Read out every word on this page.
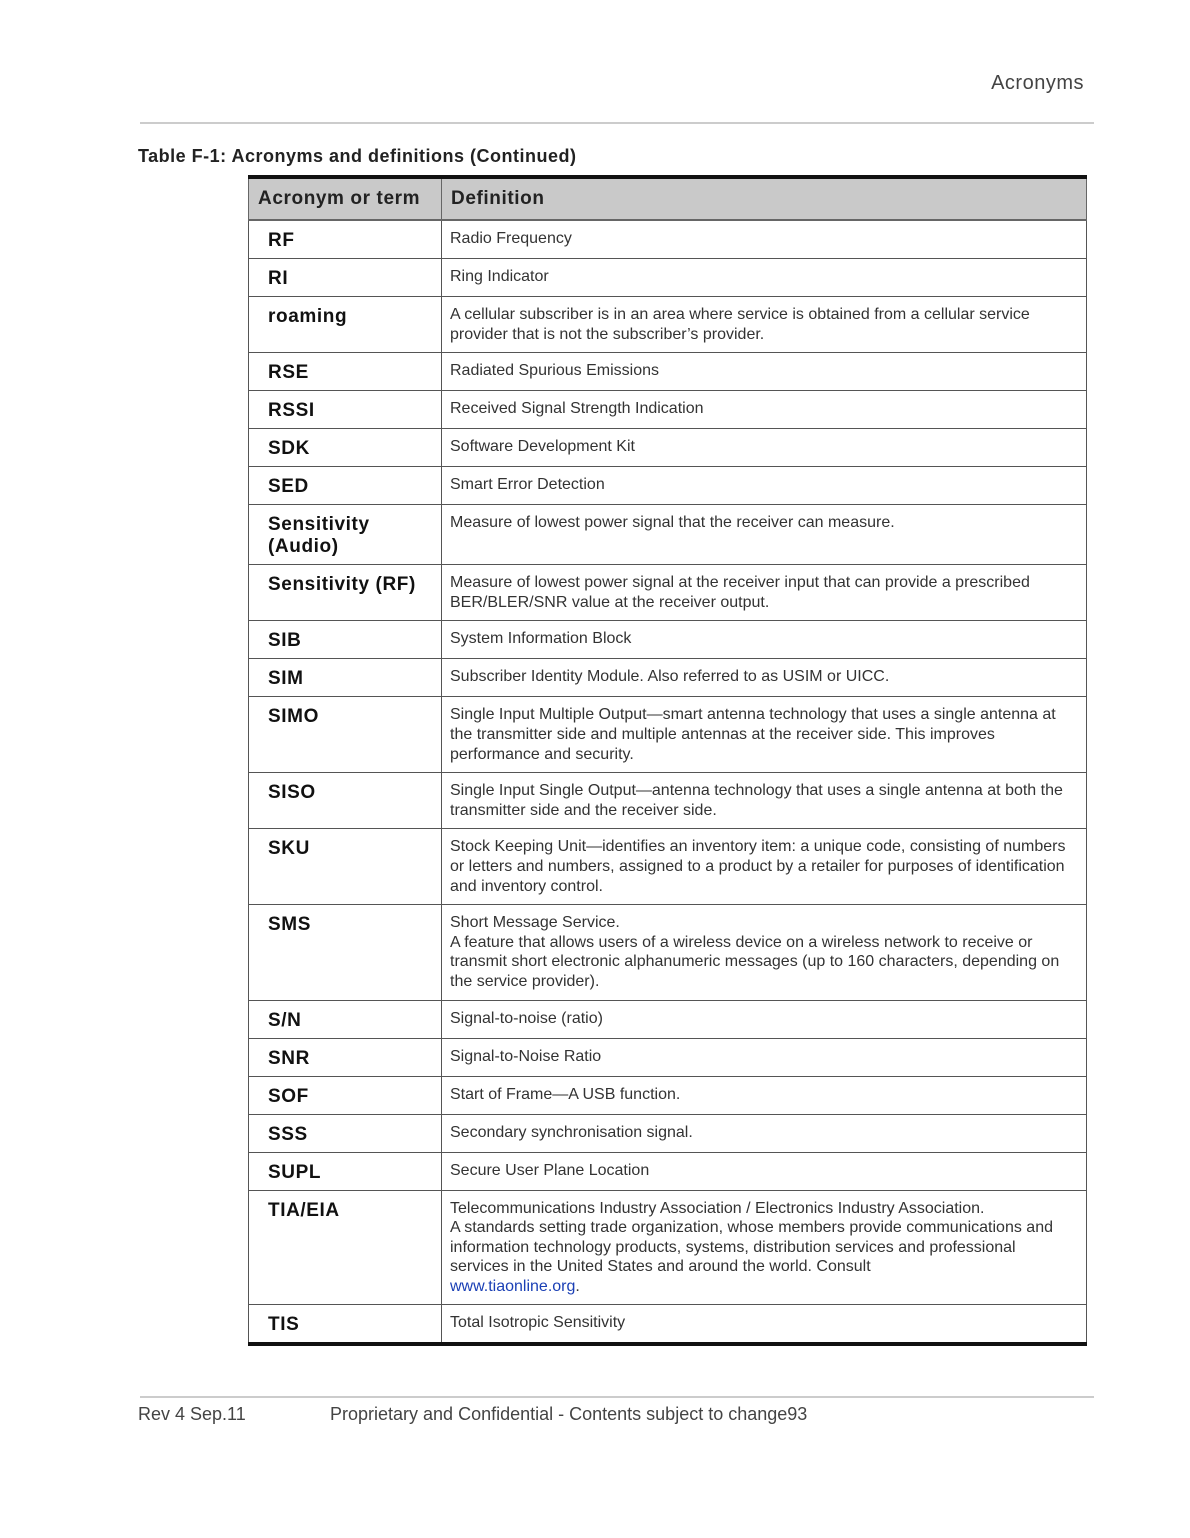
Acronyms
Table F-1: Acronyms and definitions (Continued)
Acronym or term	Definition
RF	Radio Frequency

RI	Ring Indicator

roaming	A cellular subscriber is in an area where service is obtained from a cellular service provider that is not the subscriber’s provider.

RSE	Radiated Spurious Emissions

RSSI	Received Signal Strength Indication

SDK	Software Development Kit

SED	Smart Error Detection

Sensitivity (Audio)	Measure of lowest power signal that the receiver can measure.

Sensitivity (RF)	Measure of lowest power signal at the receiver input that can provide a prescribed BER/BLER/SNR value at the receiver output.

SIB	System Information Block

SIM	Subscriber Identity Module. Also referred to as USIM or UICC.

SIMO	Single Input Multiple Output—smart antenna technology that uses a single antenna at the transmitter side and multiple antennas at the receiver side. This improves performance and security.

SISO	Single Input Single Output—antenna technology that uses a single antenna at both the transmitter side and the receiver side.

SKU	Stock Keeping Unit—identifies an inventory item: a unique code, consisting of numbers or letters and numbers, assigned to a product by a retailer for purposes of identification and inventory control.

SMS	Short Message Service.
A feature that allows users of a wireless device on a wireless network to receive or transmit short electronic alphanumeric messages (up to 160 characters, depending on the service provider).

S/N	Signal-to-noise (ratio)

SNR	Signal-to-Noise Ratio

SOF	Start of Frame—A USB function.

SSS	Secondary synchronisation signal.

SUPL	Secure User Plane Location

TIA/EIA	Telecommunications Industry Association / Electronics Industry Association.
A standards setting trade organization, whose members provide communications and information technology products, systems, distribution services and professional services in the United States and around the world. Consult
www.tiaonline.org.

TIS	Total Isotropic Sensitivity
Rev 4 Sep.11	Proprietary and Confidential - Contents subject to change93
